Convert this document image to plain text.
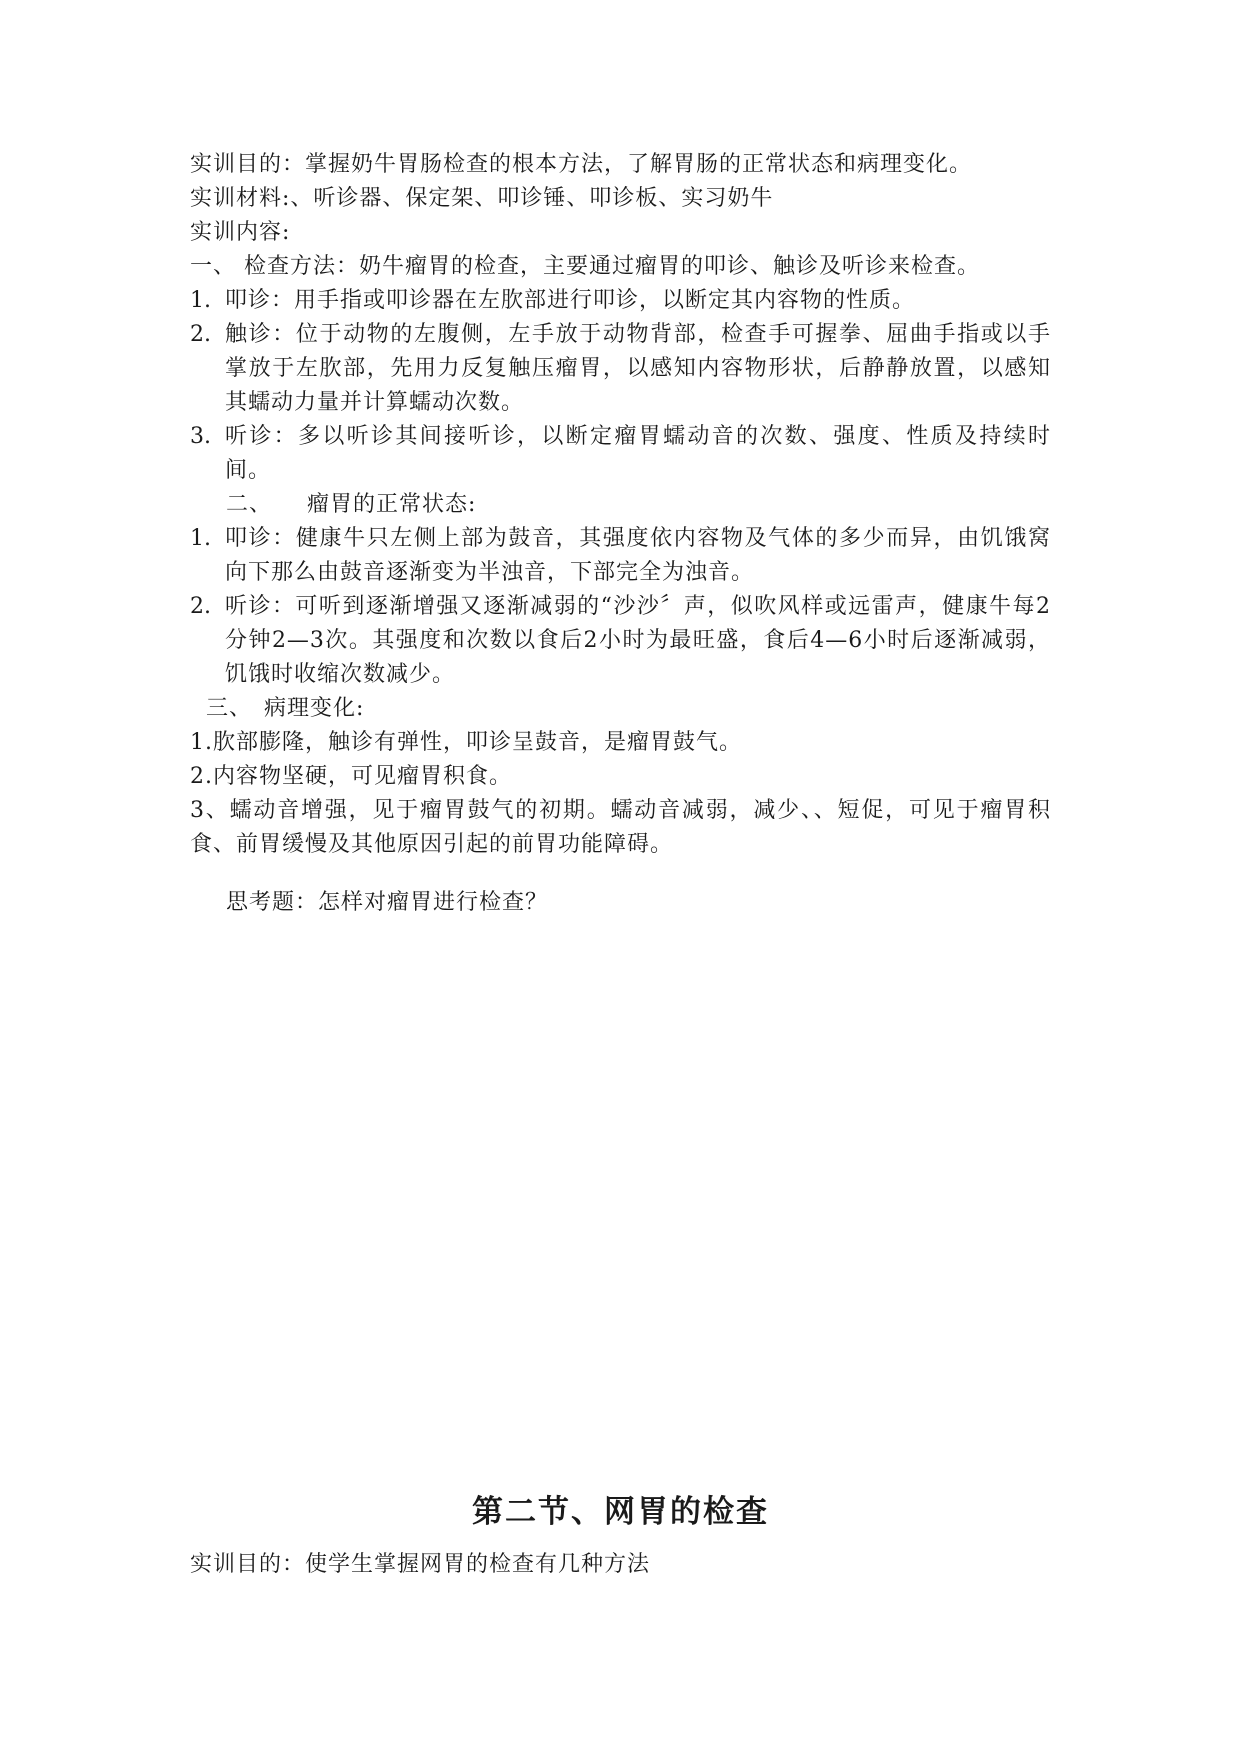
实训目的：掌握奶牛胃肠检查的根本方法，了解胃肠的正常状态和病理变化。
实训材料:、听诊器、保定架、叩诊锤、叩诊板、实习奶牛
实训内容:
一、 检查方法：奶牛瘤胃的检查，主要通过瘤胃的叩诊、触诊及听诊来检查。
1. 叩诊：用手指或叩诊器在左肷部进行叩诊，以断定其内容物的性质。
2. 触诊：位于动物的左腹侧，左手放于动物背部，检查手可握拳、屈曲手指或以手掌放于左肷部，先用力反复触压瘤胃，以感知内容物形状，后静静放置，以感知其蠕动力量并计算蠕动次数。
3. 听诊：多以听诊其间接听诊，以断定瘤胃蠕动音的次数、强度、性质及持续时间。
二、　　瘤胃的正常状态:
1. 叩诊：健康牛只左侧上部为鼓音，其强度依内容物及气体的多少而异，由饥饿窝向下那么由鼓音逐渐变为半浊音，下部完全为浊音。
2. 听诊：可听到逐渐增强又逐渐减弱的“沙沙〞声，似吹风样或远雷声，健康牛每2分钟2—3次。其强度和次数以食后2小时为最旺盛，食后4—6小时后逐渐减弱，饥饿时收缩次数减少。
三、　病理变化:
1.肷部膨隆，触诊有弹性，叩诊呈鼓音，是瘤胃鼓气。
2.内容物坚硬，可见瘤胃积食。
3、蠕动音增强，见于瘤胃鼓气的初期。蠕动音减弱，减少、、短促，可见于瘤胃积食、前胃缓慢及其他原因引起的前胃功能障碍。
思考题：怎样对瘤胃进行检查？
第二节、网胃的检查
实训目的：使学生掌握网胃的检查有几种方法
